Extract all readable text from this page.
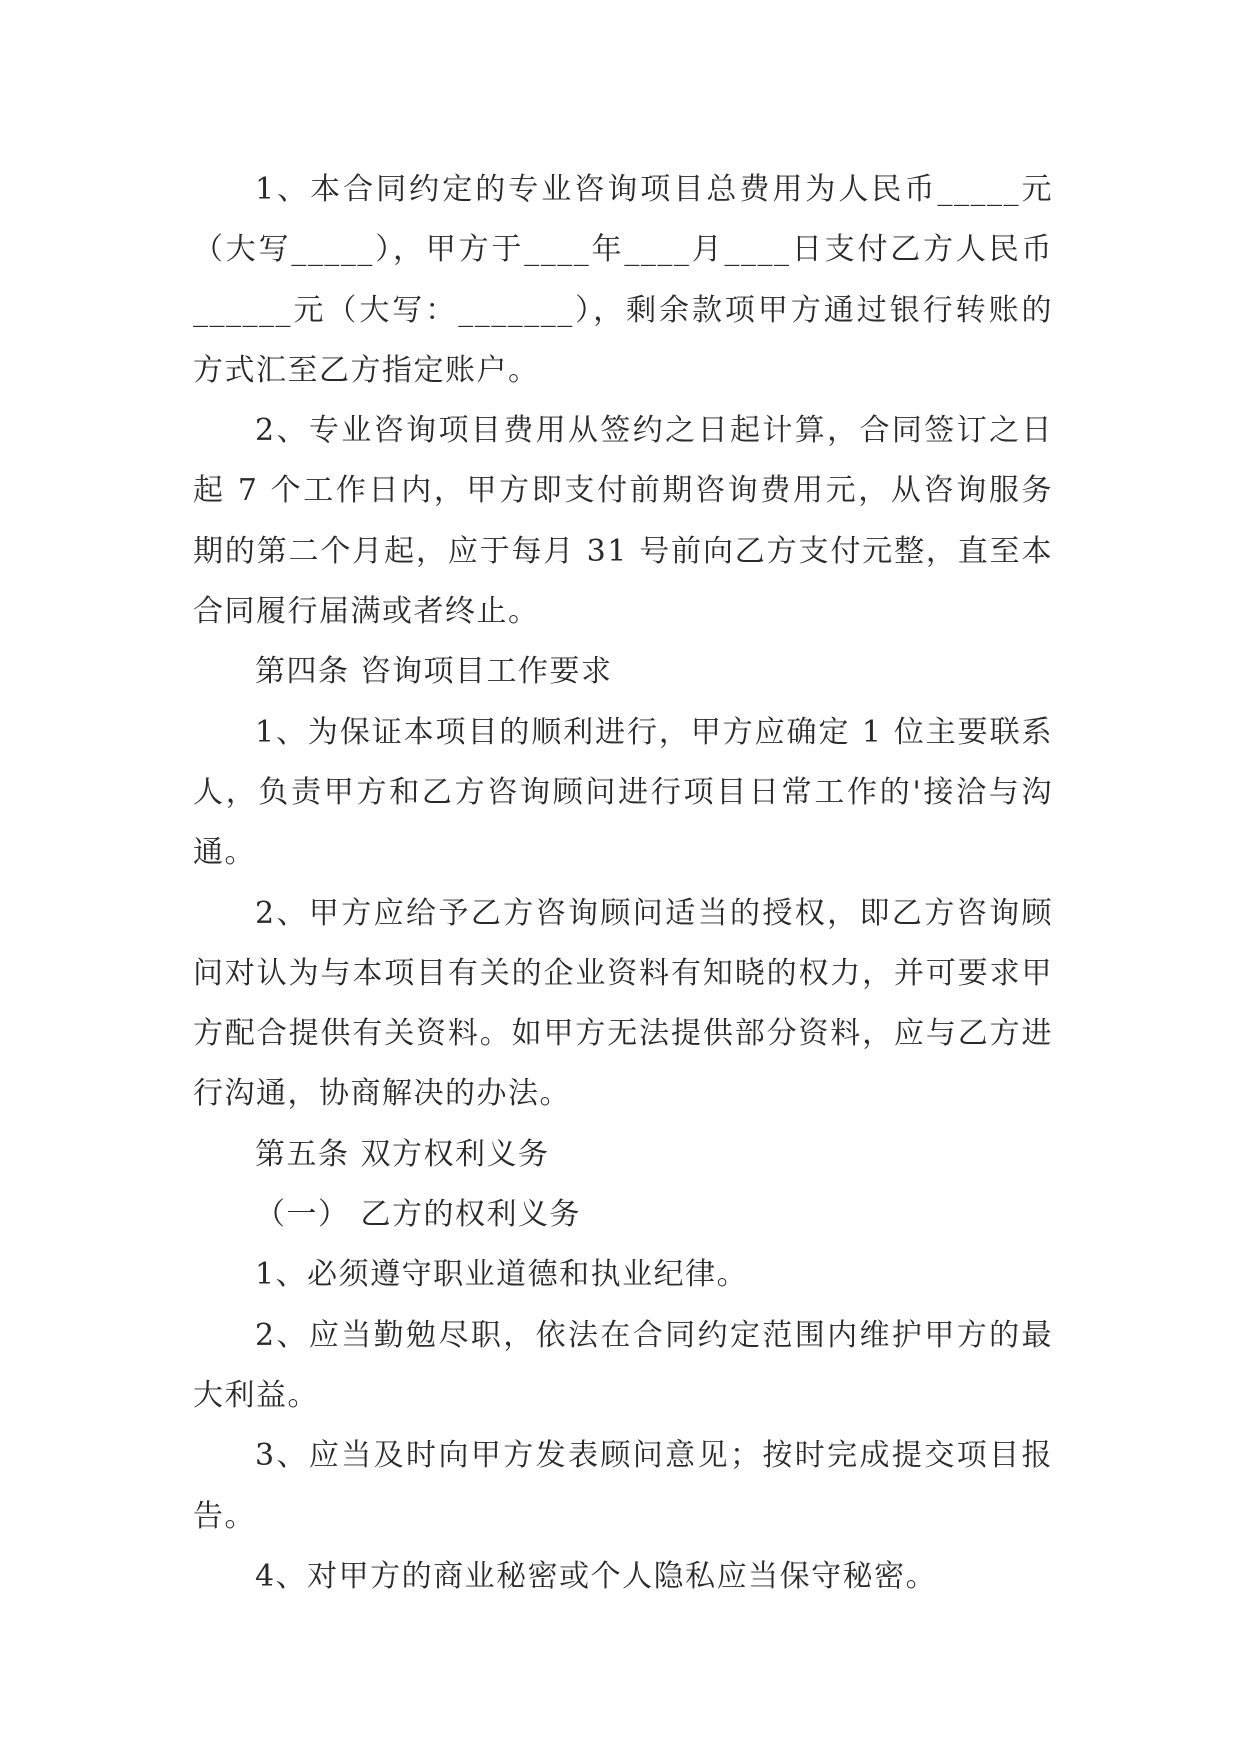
1、本合同约定的专业咨询项目总费用为人民币_____元（大写_____），甲方于____年____月____日支付乙方人民币______元（大写：_______），剩余款项甲方通过银行转账的方式汇至乙方指定账户。

2、专业咨询项目费用从签约之日起计算，合同签订之日起 7 个工作日内，甲方即支付前期咨询费用元，从咨询服务期的第二个月起，应于每月 31 号前向乙方支付元整，直至本合同履行届满或者终止。

第四条 咨询项目工作要求

1、为保证本项目的顺利进行，甲方应确定 1 位主要联系人，负责甲方和乙方咨询顾问进行项目日常工作的'接洽与沟通。

2、甲方应给予乙方咨询顾问适当的授权，即乙方咨询顾问对认为与本项目有关的企业资料有知晓的权力，并可要求甲方配合提供有关资料。如甲方无法提供部分资料，应与乙方进行沟通，协商解决的办法。

第五条 双方权利义务

（一） 乙方的权利义务

1、必须遵守职业道德和执业纪律。

2、应当勤勉尽职，依法在合同约定范围内维护甲方的最大利益。

3、应当及时向甲方发表顾问意见；按时完成提交项目报告。

4、对甲方的商业秘密或个人隐私应当保守秘密。
